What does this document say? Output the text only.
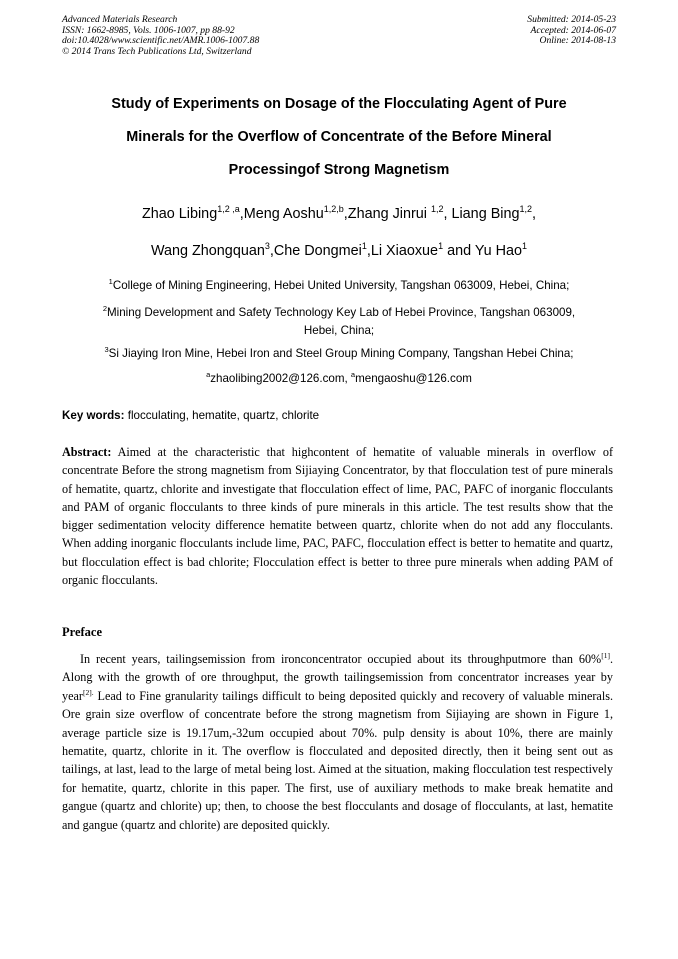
Advanced Materials Research
ISSN: 1662-8985, Vols. 1006-1007, pp 88-92
doi:10.4028/www.scientific.net/AMR.1006-1007.88
© 2014 Trans Tech Publications Ltd, Switzerland
Submitted: 2014-05-23
Accepted: 2014-06-07
Online: 2014-08-13
Study of Experiments on Dosage of the Flocculating Agent of Pure
Minerals for the Overflow of Concentrate of the Before Mineral
Processingof Strong Magnetism
Zhao Libing$^{1,2 ,a}$,Meng Aoshu$^{1,2,b}$,Zhang Jinrui $^{1,2}$, Liang Bing$^{1,2}$,
Wang Zhongquan$^3$,Che Dongmei$^1$,Li Xiaoxue$^1$ and Yu Hao$^1$
$^1$College of Mining Engineering, Hebei United University, Tangshan 063009, Hebei, China;
$^2$Mining Development and Safety Technology Key Lab of Hebei Province, Tangshan 063009,
Hebei, China;
$^3$Si Jiaying Iron Mine, Hebei Iron and Steel Group Mining Company, Tangshan Hebei China;
$^a$zhaolibing2002@126.com, $^a$mengaoshu@126.com
Key words: flocculating, hematite, quartz, chlorite
Abstract: Aimed at the characteristic that highcontent of hematite of valuable minerals in overflow of concentrate Before the strong magnetism from Sijiaying Concentrator, by that flocculation test of pure minerals of hematite, quartz, chlorite and investigate that flocculation effect of lime, PAC, PAFC of inorganic flocculants and PAM of organic flocculants to three kinds of pure minerals in this article. The test results show that the bigger sedimentation velocity difference hematite between quartz, chlorite when do not add any flocculants. When adding inorganic flocculants include lime, PAC, PAFC, flocculation effect is better to hematite and quartz, but flocculation effect is bad chlorite; Flocculation effect is better to three pure minerals when adding PAM of organic flocculants.
Preface
In recent years, tailingsemission from ironconcentrator occupied about its throughputmore than 60%[1]. Along with the growth of ore throughput, the growth tailingsemission from concentrator increases year by year$^{[2].}$ Lead to Fine granularity tailings difficult to being deposited quickly and recovery of valuable minerals. Ore grain size overflow of concentrate before the strong magnetism from Sijiaying are shown in Figure 1, average particle size is 19.17um,-32um occupied about 70%. pulp density is about 10%, there are mainly hematite, quartz, chlorite in it. The overflow is flocculated and deposited directly, then it being sent out as tailings, at last, lead to the large of metal being lost. Aimed at the situation, making flocculation test respectively for hematite, quartz, chlorite in this paper. The first, use of auxiliary methods to make break hematite and gangue (quartz and chlorite) up; then, to choose the best flocculants and dosage of flocculants, at last, hematite and gangue (quartz and chlorite) are deposited quickly.
